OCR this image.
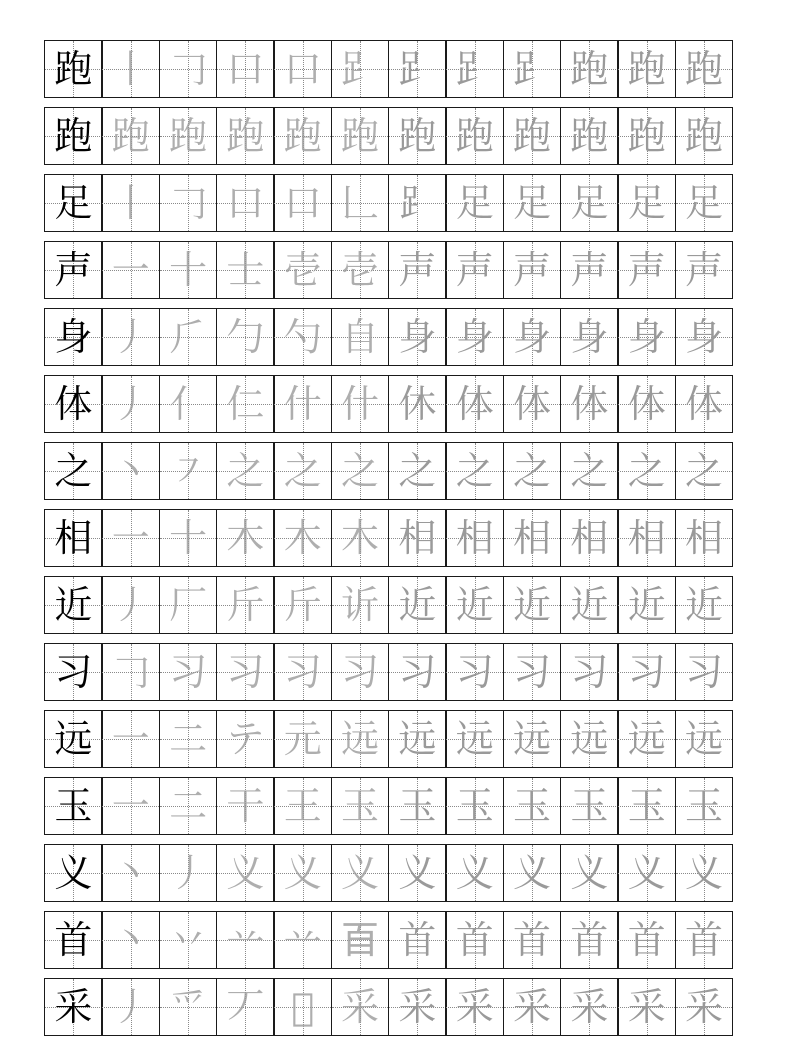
跑 丨 𠃌 口 口 𧾷 𧾷 𧾷 𧾷 跑 跑 跑
跑 跑 跑 跑 跑 跑 跑 跑 跑 跑 跑 跑
足 丨 𠃌 口 口 𠃊 ⻊ 足 足 足 足 足
声 一 十 士 壱 壱 声 声 声 声 声 声
身 丿 ⺁ 勹 勺 自 身 身 身 身 身 身
体 丿 亻 仁 什 什 休 体 体 体 体 体
之 丶 ㇇ 之 之 之 之 之 之 之 之 之
相 一 十 木 木 木 相 相 相 相 相 相
近 丿 厂 斤 斤 䜣 近 近 近 近 近 近
习 𠃌 习 习 习 习 习 习 习 习 习 习
远 一 二 テ 元 远 远 远 远 远 远 远
玉 一 二 干 王 玉 玉 玉 玉 玉 玉 玉
义 丶 丿 义 义 义 义 义 义 义 义 义
首 丶 丷 䒑 䒑 𦣻 首 首 首 首 首 首
采 丿 爫 丆 𤓰 采 采 采 采 采 采 采
